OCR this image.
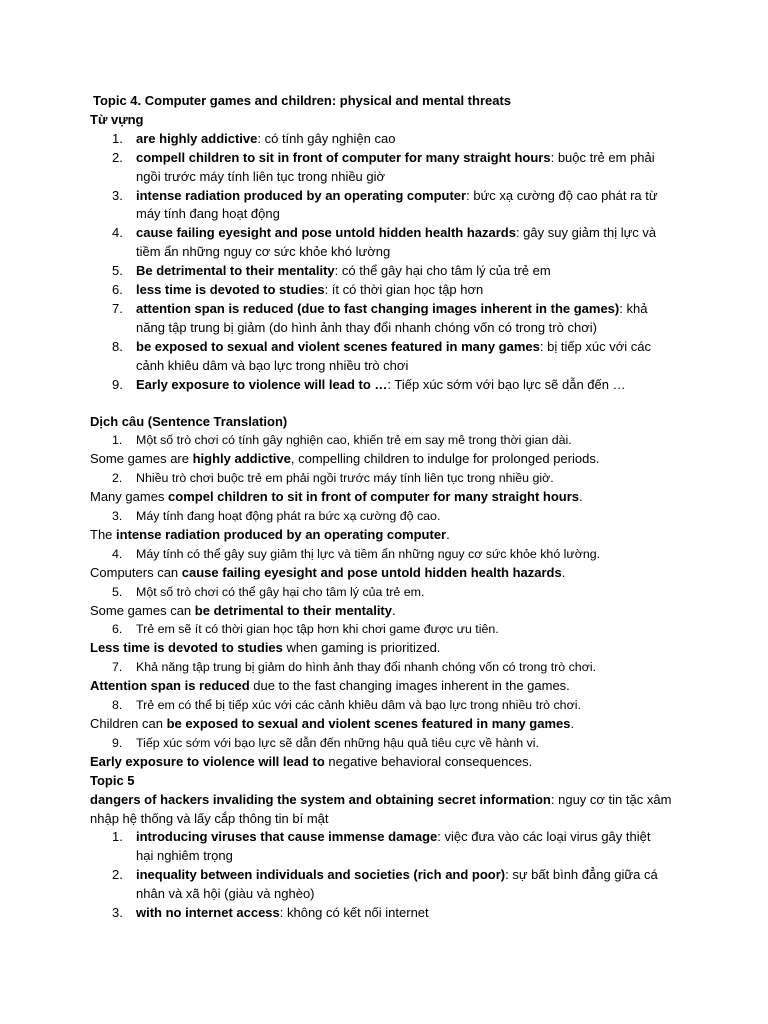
Topic 4. Computer games and children: physical and mental threats

Từ vựng

1.	are highly addictive: có tính gây nghiện cao
2.	compell children to sit in front of computer for many straight hours: buộc trẻ em phải

ngồi trước máy tính liên tục trong nhiều giờ

3.	intense radiation produced by an operating computer: bức xạ cường độ cao phát ra từ

máy tính đang hoạt động

4.	cause failing eyesight and pose untold hidden health hazards: gây suy giảm thị lực và

tiềm ẩn những nguy cơ sức khỏe khó lường

5.	Be detrimental to their mentality: có thể gây hại cho tâm lý của trẻ em
6.	less time is devoted to studies: ít có thời gian học tập hơn
7.	attention span is reduced (due to fast changing images inherent in the games): khả

năng tập trung bị giảm (do hình ảnh thay đổi nhanh chóng vốn có trong trò chơi)

8.	be exposed to sexual and violent scenes featured in many games: bị tiếp xúc với các

cảnh khiêu dâm và bạo lực trong nhiều trò chơi

9.	Early exposure to violence will lead to …: Tiếp xúc sớm với bạo lực sẽ dẫn đến …

Dịch câu (Sentence Translation)

1.	Một số trò chơi có tính gây nghiện cao, khiến trẻ em say mê trong thời gian dài.

Some games are highly addictive, compelling children to indulge for prolonged periods.

2.	Nhiều trò chơi buộc trẻ em phải ngồi trước máy tính liên tục trong nhiều giờ.

Many games compel children to sit in front of computer for many straight hours.

3.	Máy tính đang hoạt động phát ra bức xạ cường độ cao.

The intense radiation produced by an operating computer.

4.	Máy tính có thể gây suy giảm thị lực và tiềm ẩn những nguy cơ sức khỏe khó lường.

Computers can cause failing eyesight and pose untold hidden health hazards.

5.	Một số trò chơi có thể gây hại cho tâm lý của trẻ em.

Some games can be detrimental to their mentality.

6.	Trẻ em sẽ ít có thời gian học tập hơn khi chơi game được ưu tiên.

Less time is devoted to studies when gaming is prioritized.

7.	Khả năng tập trung bị giảm do hình ảnh thay đổi nhanh chóng vốn có trong trò chơi.

Attention span is reduced due to the fast changing images inherent in the games.

8.	Trẻ em có thể bị tiếp xúc với các cảnh khiêu dâm và bạo lực trong nhiều trò chơi.

Children can be exposed to sexual and violent scenes featured in many games.

9.	Tiếp xúc sớm với bạo lực sẽ dẫn đến những hậu quả tiêu cực về hành vi.

Early exposure to violence will lead to negative behavioral consequences.

Topic 5

dangers of hackers invaliding the system and obtaining secret information: nguy cơ tin tặc xâm

nhập hệ thống và lấy cắp thông tin bí mật

1.	introducing viruses that cause immense damage: việc đưa vào các loại virus gây thiệt

hại nghiêm trọng

2.	inequality between individuals and societies (rich and poor): sự bất bình đẳng giữa cá

nhân và xã hội (giàu và nghèo)

3.	with no internet access: không có kết nối internet
